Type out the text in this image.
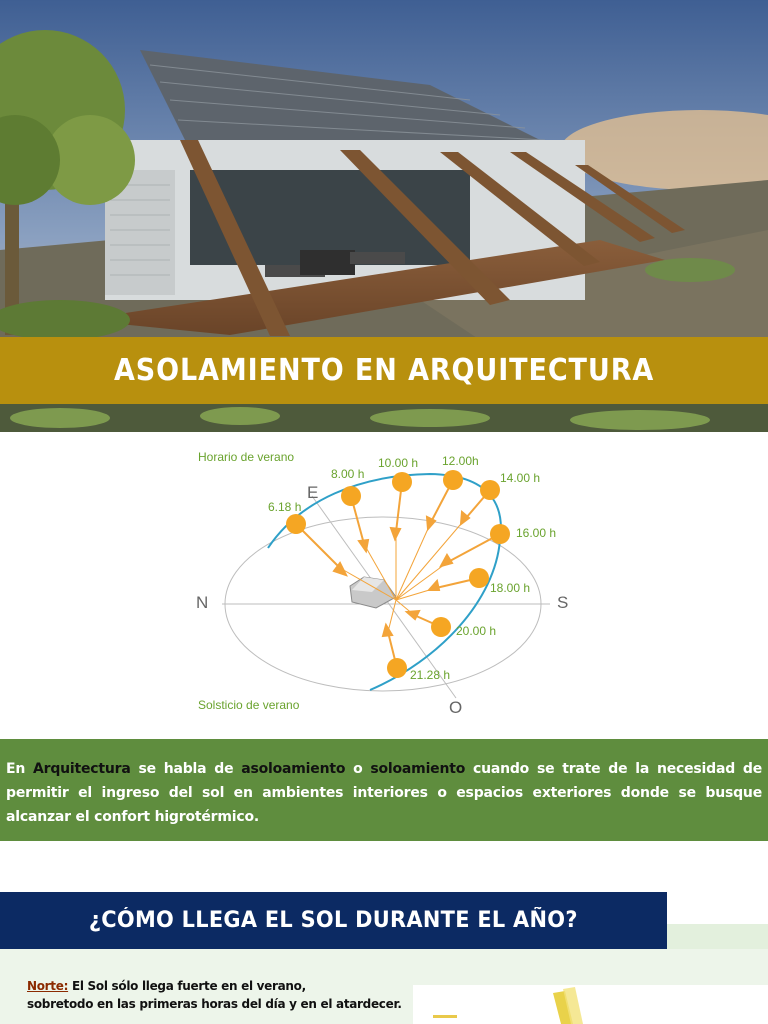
ASOLAMIENTO EN ARQUITECTURA
Horario de verano
Solsticio de verano
6.18 h
8.00 h
10.00 h 12.00h
14.00 h
16.00 h
18.00 h
20.00 h
21.28 h
N	S
E
O

En Arquitectura se habla de asoloamiento o soloamiento cuando se trate de la necesidad de permitir el ingreso del sol en ambientes interiores o espacios exteriores donde se busque alcanzar el confort higrotérmico.

¿CÓMO LLEGA EL SOL DURANTE EL AÑO?
Norte: El Sol sólo llega fuerte en el verano,
sobretodo en las primeras horas del día y en el atardecer.
